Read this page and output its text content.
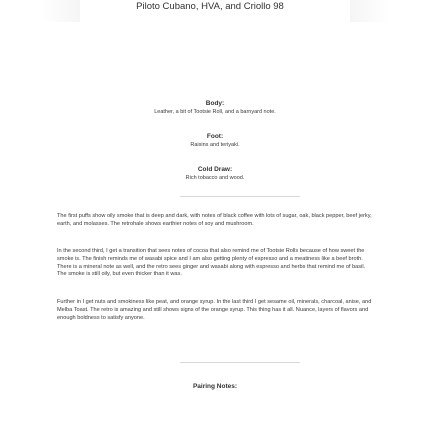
Piloto Cubano, HVA, and Criollo 98
Body:
Leather, a bit of Tootsie Roll, and a barnyard note.
Foot:
Raisins and teriyaki.
Cold Draw:
Rich tobacco and wood.
The first puffs show oily smoke that is deep and dark, with notes of black coffee with lots of sugar, oak, black pepper, beef jerky, earth, and molasses. The retrohale shows earthier notes of soy and mushroom.
In the second third, I get a transition that sees notes of cocoa that also remind me of Tootsie Rolls because of how sweet the smoke is. The finish reminds me of wasabi spice and I am also getting plenty of espresso and a meatiness like a beef broth. There is a mineral note as well, and the retro sees ginger and wasabi along with espresso and herbs that remind me of basil. The smoke is still oily, but even thicker than it was.
Further in I get nuts and smokiness like peat, and orange syrup. In the last third I get sesame oil, minerals, charcoal, anise, and Melba Toast. The retro is amazing and still shows signs of the orange syrup. This thing has it all. Nuance, layers of flavors and enough boldness to satisfy anyone.
Pairing Notes:
